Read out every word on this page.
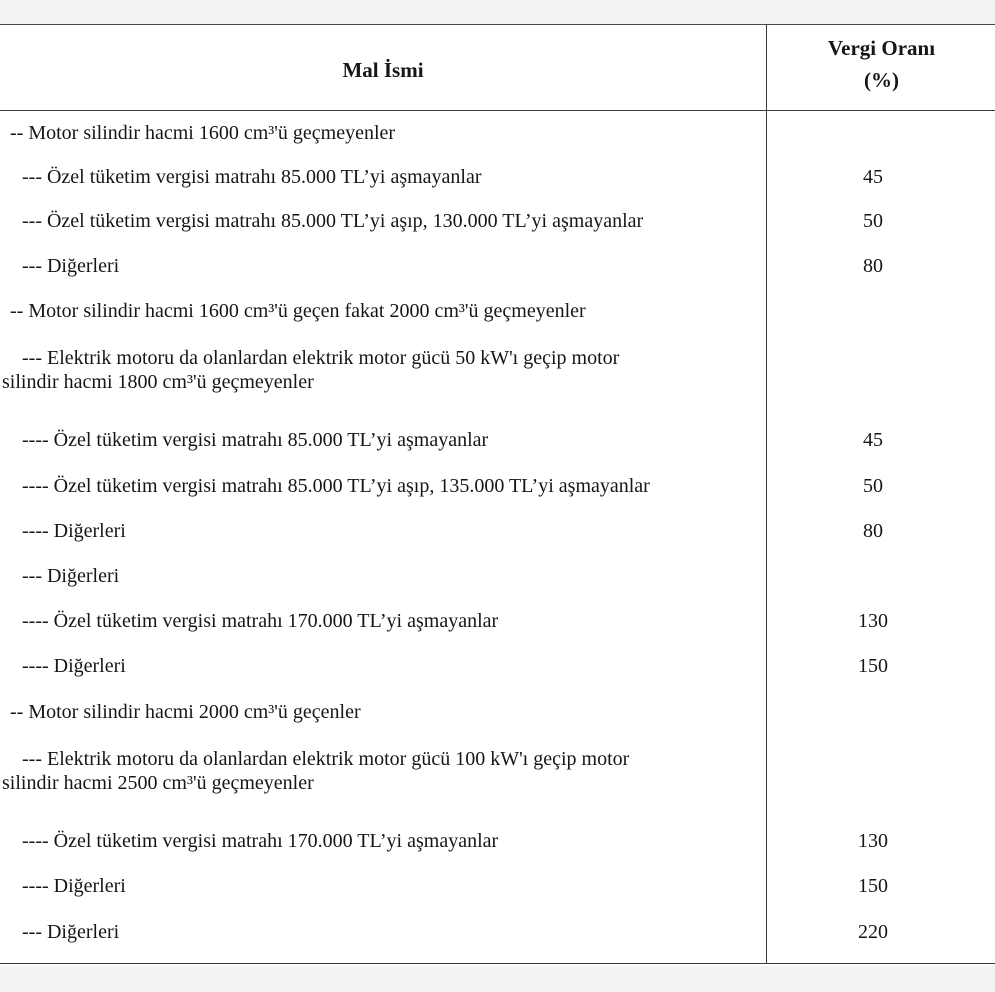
Mal İsmi
Vergi Oranı
(%)
-- Motor silindir hacmi 1600 cm³'ü geçmeyenler
--- Özel tüketim vergisi matrahı 85.000 TL’yi aşmayanlar	45
--- Özel tüketim vergisi matrahı 85.000 TL’yi aşıp, 130.000 TL’yi aşmayanlar	50
--- Diğerleri	80
-- Motor silindir hacmi 1600 cm³'ü geçen fakat 2000 cm³'ü geçmeyenler
--- Elektrik motoru da olanlardan elektrik motor gücü 50 kW'ı geçip motor
silindir hacmi 1800 cm³'ü geçmeyenler
---- Özel tüketim vergisi matrahı 85.000 TL’yi aşmayanlar	45
---- Özel tüketim vergisi matrahı 85.000 TL’yi aşıp, 135.000 TL’yi aşmayanlar	50
---- Diğerleri	80
--- Diğerleri
---- Özel tüketim vergisi matrahı 170.000 TL’yi aşmayanlar	130
---- Diğerleri	150
-- Motor silindir hacmi 2000 cm³'ü geçenler
--- Elektrik motoru da olanlardan elektrik motor gücü 100 kW'ı geçip motor
silindir hacmi 2500 cm³'ü geçmeyenler
---- Özel tüketim vergisi matrahı 170.000 TL’yi aşmayanlar	130
---- Diğerleri	150
--- Diğerleri	220
